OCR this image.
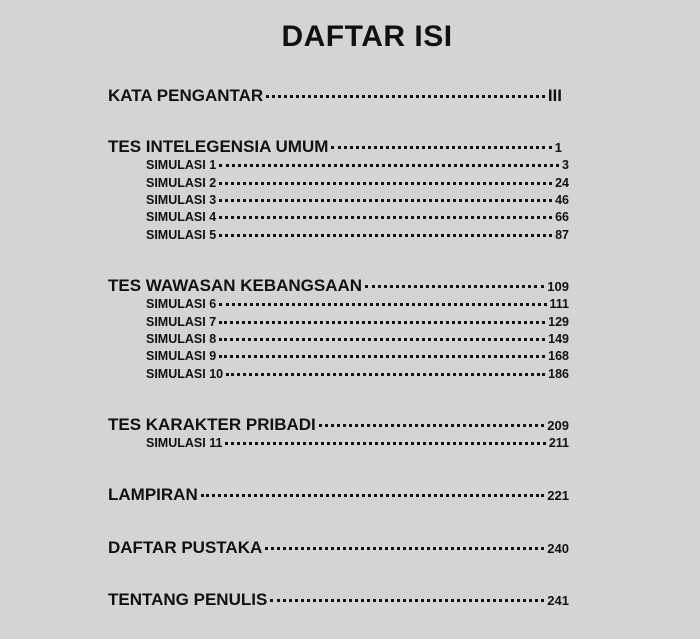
DAFTAR ISI
KATA PENGANTAR	III
TES INTELEGENSIA UMUM	1
SIMULASI 1	3
SIMULASI 2	24
SIMULASI 3	46
SIMULASI 4	66
SIMULASI 5	87
TES WAWASAN KEBANGSAAN	109
SIMULASI 6	111
SIMULASI 7	129
SIMULASI 8	149
SIMULASI 9	168
SIMULASI 10	186
TES KARAKTER PRIBADI	209
SIMULASI 11	211
LAMPIRAN	221
DAFTAR PUSTAKA	240
TENTANG PENULIS	241
